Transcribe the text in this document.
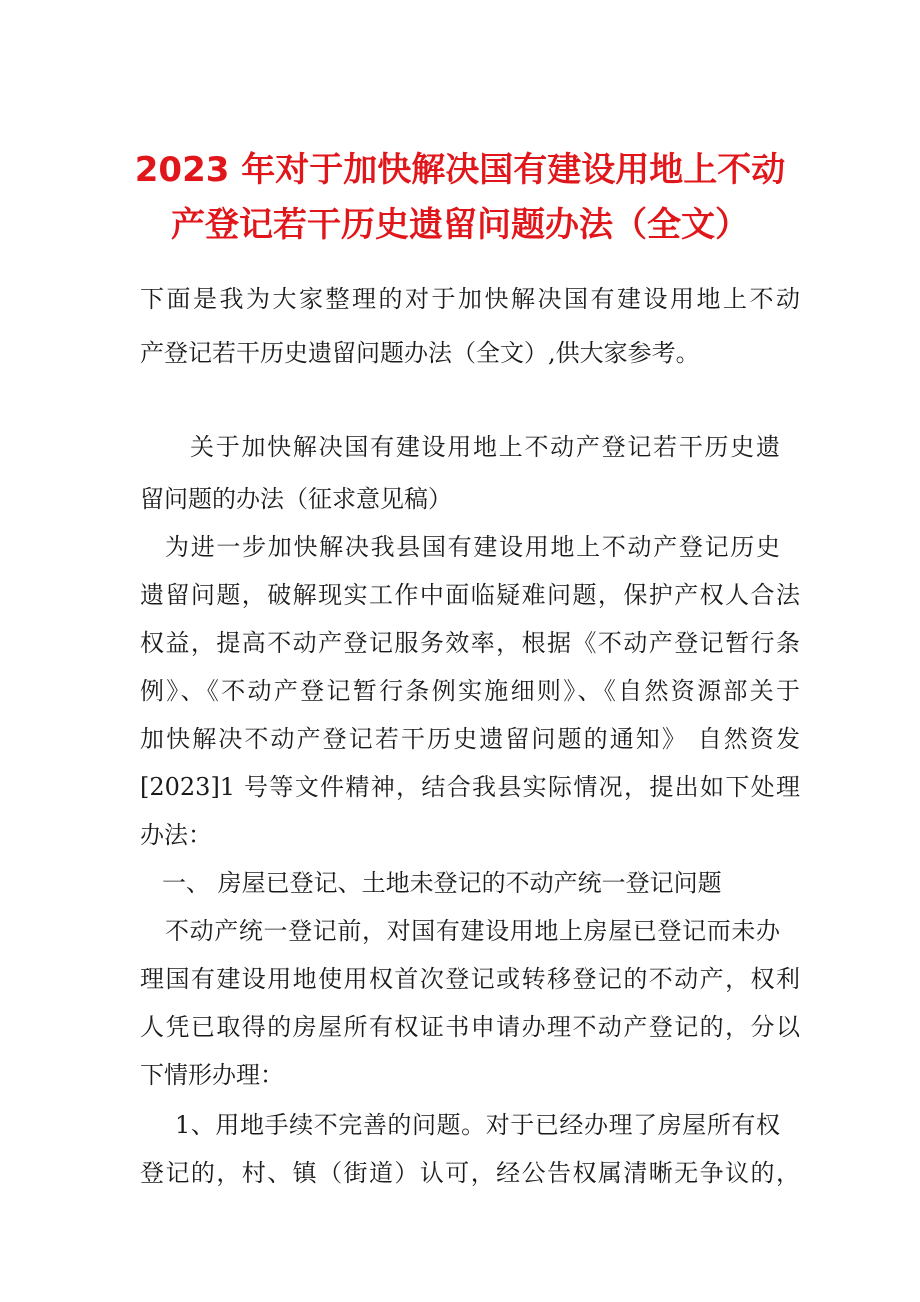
2023 年对于加快解决国有建设用地上不动
产登记若干历史遗留问题办法（全文）
下面是我为大家整理的对于加快解决国有建设用地上不动
产登记若干历史遗留问题办法（全文）,供大家参考。
关于加快解决国有建设用地上不动产登记若干历史遗
留问题的办法（征求意见稿）
为进一步加快解决我县国有建设用地上不动产登记历史
遗留问题，破解现实工作中面临疑难问题，保护产权人合法
权益，提高不动产登记服务效率，根据《不动产登记暂行条
例》、《不动产登记暂行条例实施细则》、《自然资源部关于
加快解决不动产登记若干历史遗留问题的通知》 自然资发
[2023]1 号等文件精神，结合我县实际情况，提出如下处理
办法：
一、 房屋已登记、土地未登记的不动产统一登记问题
不动产统一登记前，对国有建设用地上房屋已登记而未办
理国有建设用地使用权首次登记或转移登记的不动产，权利
人凭已取得的房屋所有权证书申请办理不动产登记的，分以
下情形办理：
1、用地手续不完善的问题。对于已经办理了房屋所有权
登记的，村、镇（街道）认可，经公告权属清晰无争议的，
